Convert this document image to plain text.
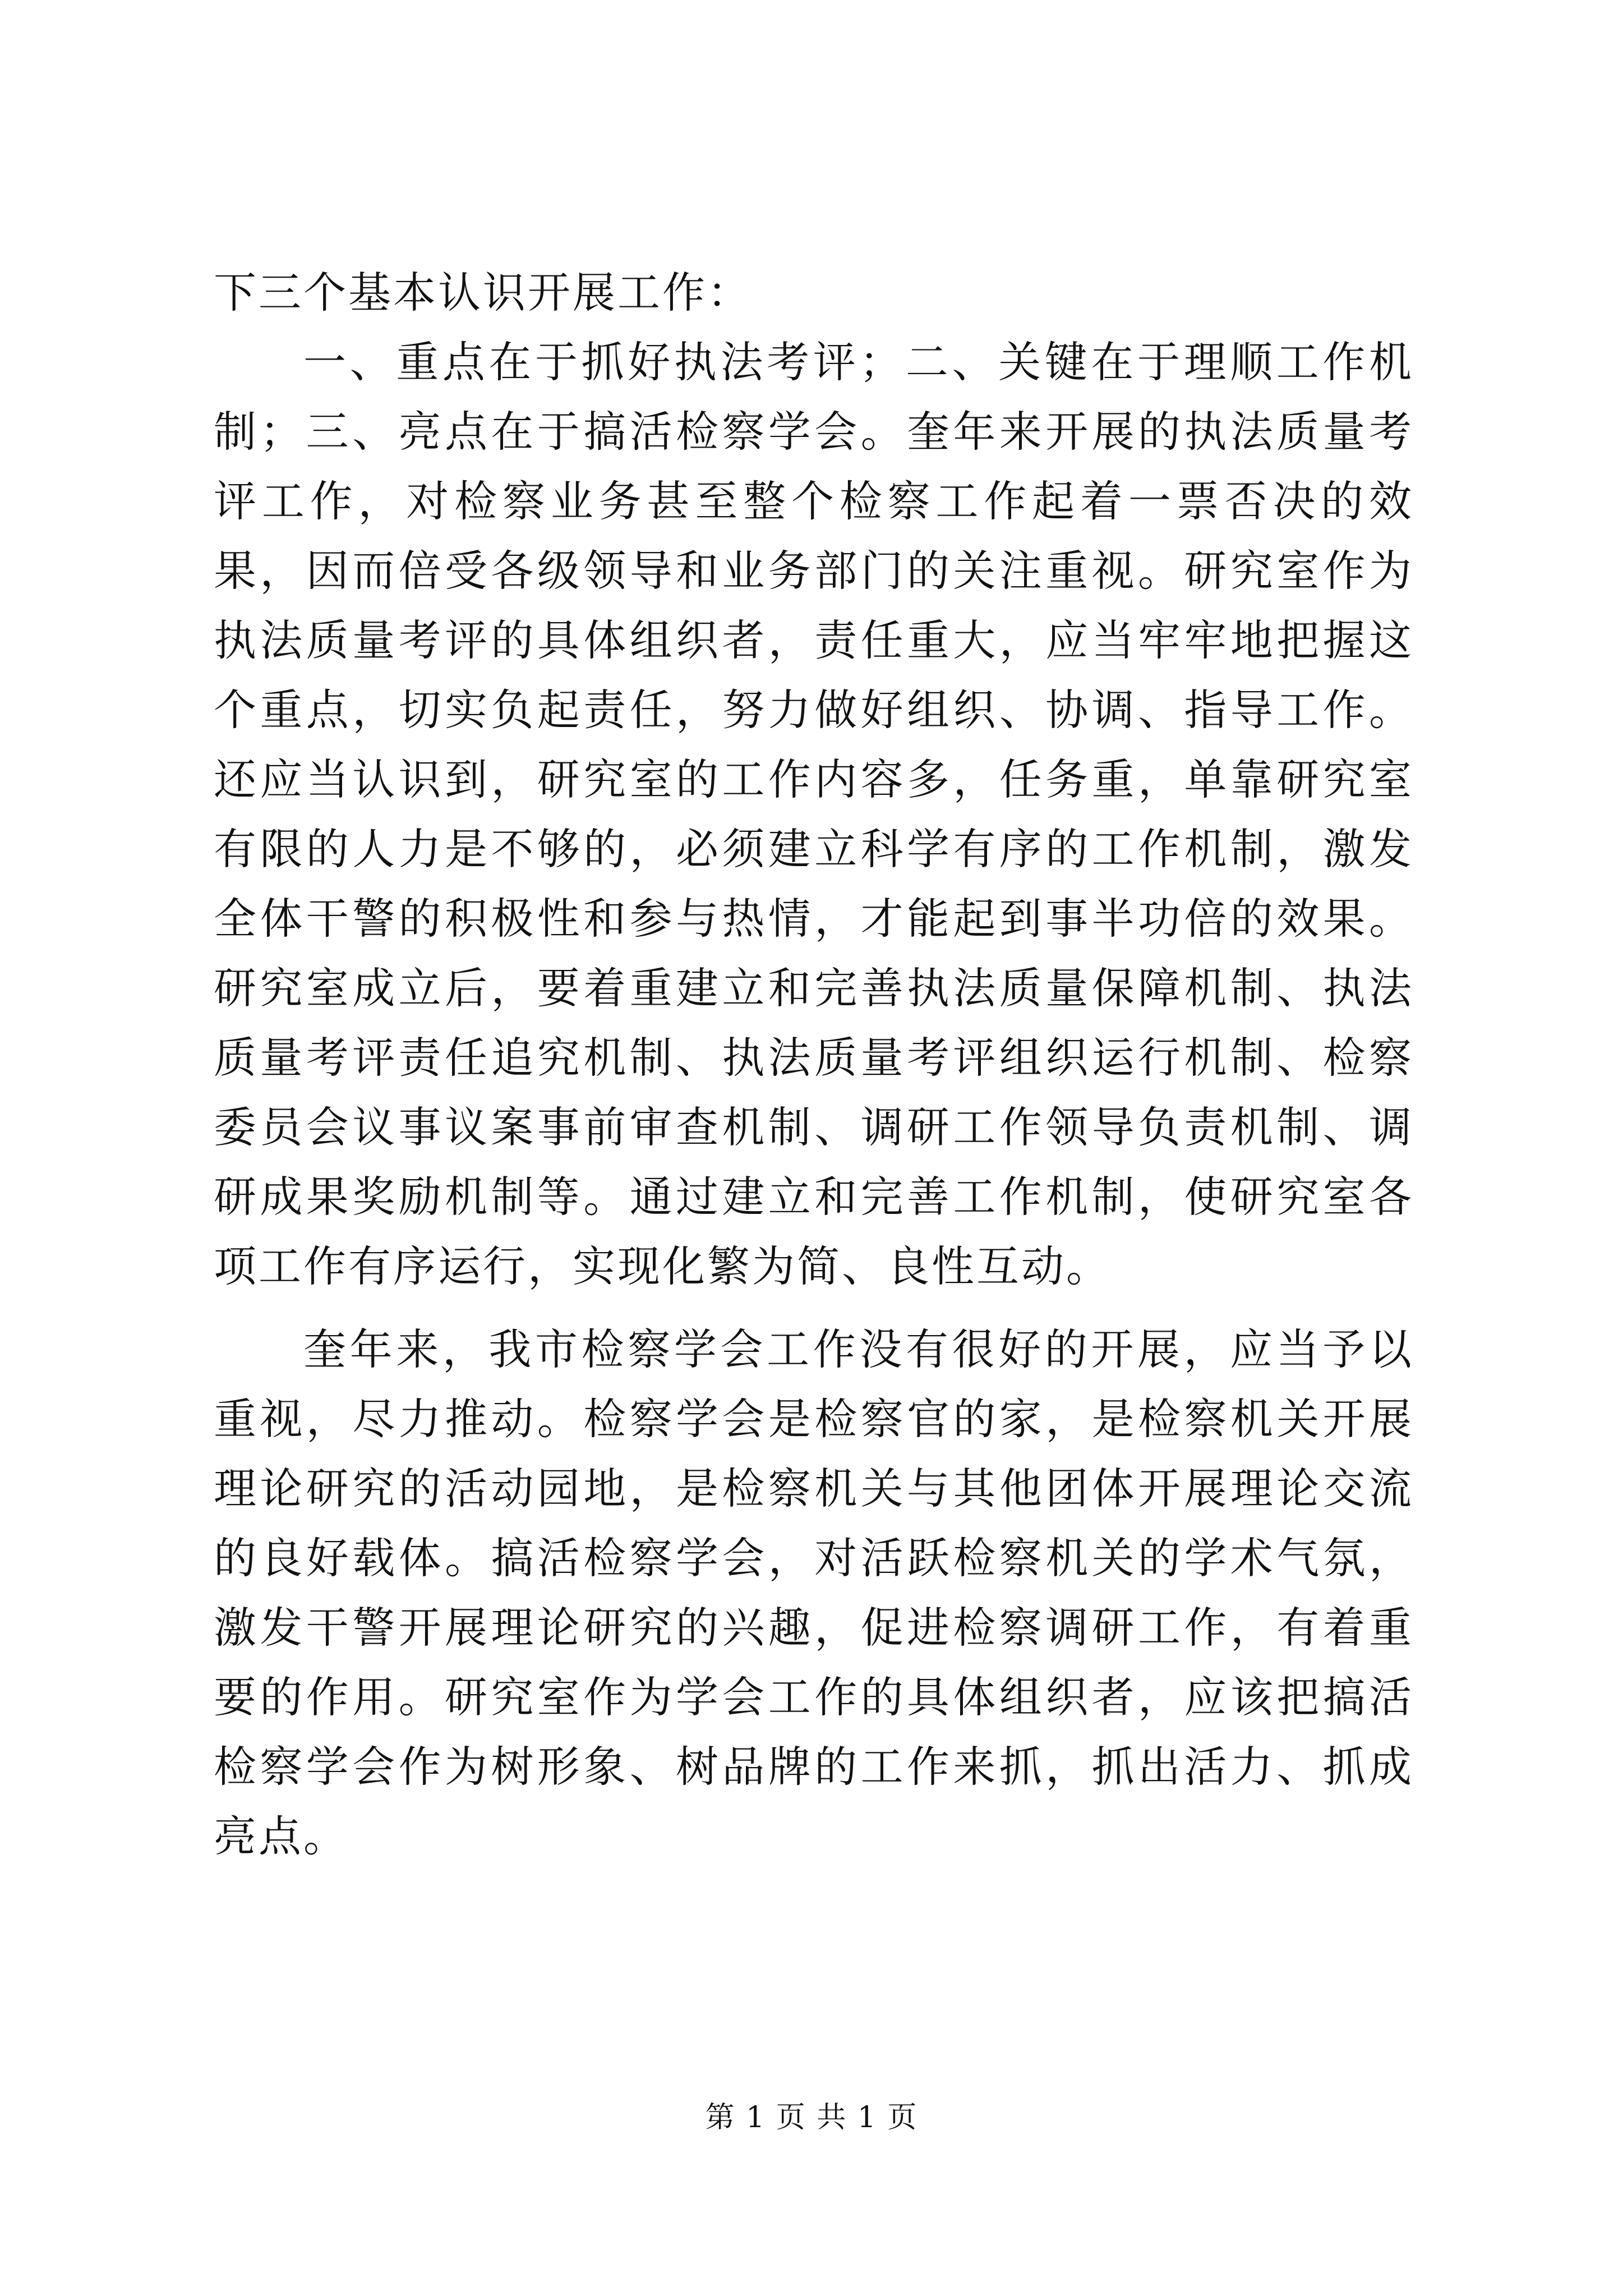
下三个基本认识开展工作：

一、重点在于抓好执法考评；二、关键在于理顺工作机制；三、亮点在于搞活检察学会。奎年来开展的执法质量考评工作，对检察业务甚至整个检察工作起着一票否决的效果，因而倍受各级领导和业务部门的关注重视。研究室作为执法质量考评的具体组织者，责任重大，应当牢牢地把握这个重点，切实负起责任，努力做好组织、协调、指导工作。还应当认识到，研究室的工作内容多，任务重，单靠研究室有限的人力是不够的，必须建立科学有序的工作机制，激发全体干警的积极性和参与热情，才能起到事半功倍的效果。研究室成立后，要着重建立和完善执法质量保障机制、执法质量考评责任追究机制、执法质量考评组织运行机制、检察委员会议事议案事前审查机制、调研工作领导负责机制、调研成果奖励机制等。通过建立和完善工作机制，使研究室各项工作有序运行，实现化繁为简、良性互动。

奎年来，我市检察学会工作没有很好的开展，应当予以重视，尽力推动。检察学会是检察官的家，是检察机关开展理论研究的活动园地，是检察机关与其他团体开展理论交流的良好载体。搞活检察学会，对活跃检察机关的学术气氛，激发干警开展理论研究的兴趣，促进检察调研工作，有着重要的作用。研究室作为学会工作的具体组织者，应该把搞活检察学会作为树形象、树品牌的工作来抓，抓出活力、抓成亮点。

第 1 页 共 1 页
